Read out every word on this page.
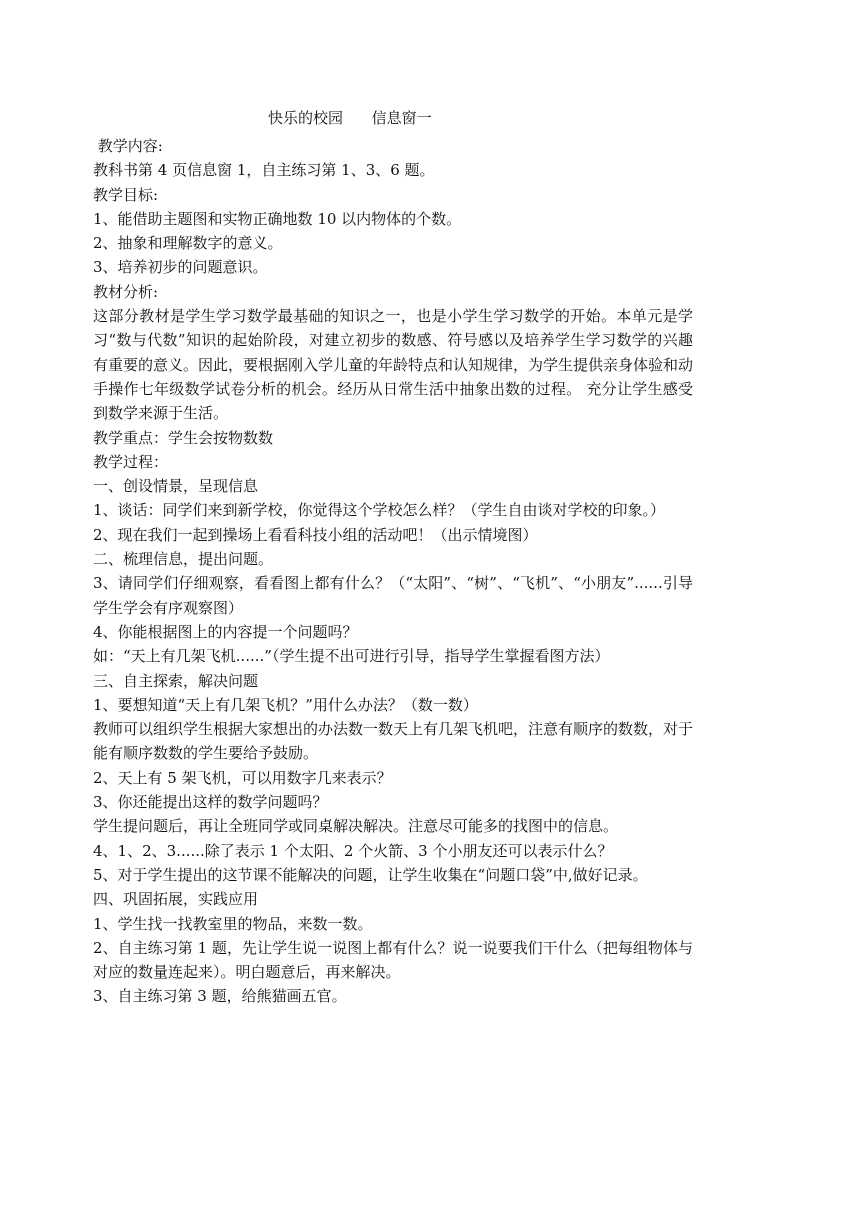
快乐的校园      信息窗一

教学内容:

教科书第 4 页信息窗 1，自主练习第 1、3、6 题。

教学目标:

1、能借助主题图和实物正确地数 10 以内物体的个数。

2、抽象和理解数字的意义。

3、培养初步的问题意识。

教材分析:

这部分教材是学生学习数学最基础的知识之一，也是小学生学习数学的开始。本单元是学习“数与代数”知识的起始阶段，对建立初步的数感、符号感以及培养学生学习数学的兴趣有重要的意义。因此，要根据刚入学儿童的年龄特点和认知规律，为学生提供亲身体验和动手操作七年级数学试卷分析的机会。经历从日常生活中抽象出数的过程。 充分让学生感受到数学来源于生活。

教学重点：学生会按物数数

教学过程：

一、创设情景，呈现信息

1、谈话：同学们来到新学校，你觉得这个学校怎么样？（学生自由谈对学校的印象。）

2、现在我们一起到操场上看看科技小组的活动吧！（出示情境图）

二、梳理信息，提出问题。

3、请同学们仔细观察，看看图上都有什么？（“太阳”、“树”、“飞机”、“小朋友”......引导学生学会有序观察图）

4、你能根据图上的内容提一个问题吗？

如：“天上有几架飞机......”（学生提不出可进行引导，指导学生掌握看图方法）

三、自主探索，解决问题

1、要想知道“天上有几架飞机？”用什么办法？（数一数）

教师可以组织学生根据大家想出的办法数一数天上有几架飞机吧，注意有顺序的数数，对于能有顺序数数的学生要给予鼓励。

2、天上有 5 架飞机，可以用数字几来表示？

3、你还能提出这样的数学问题吗？

学生提问题后，再让全班同学或同桌解决解决。注意尽可能多的找图中的信息。

4、1、2、3......除了表示 1 个太阳、2 个火箭、3 个小朋友还可以表示什么？

5、对于学生提出的这节课不能解决的问题，让学生收集在“问题口袋”中,做好记录。

四、巩固拓展，实践应用

1、学生找一找教室里的物品，来数一数。

2、自主练习第 1 题，先让学生说一说图上都有什么？说一说要我们干什么（把每组物体与对应的数量连起来）。明白题意后，再来解决。

3、自主练习第 3 题，给熊猫画五官。
